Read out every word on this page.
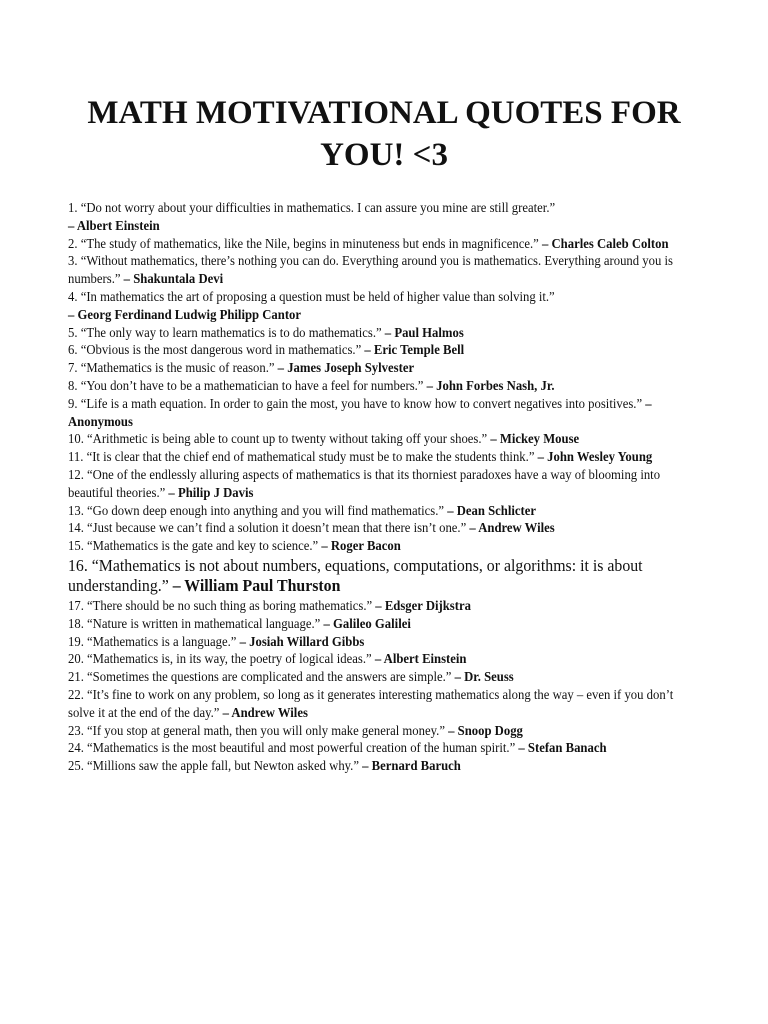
MATH MOTIVATIONAL QUOTES FOR YOU! <3
1. “Do not worry about your difficulties in mathematics. I can assure you mine are still greater.”
– Albert Einstein
2. “The study of mathematics, like the Nile, begins in minuteness but ends in magnificence.” – Charles Caleb Colton
3. “Without mathematics, there’s nothing you can do. Everything around you is mathematics. Everything around you is numbers.” – Shakuntala Devi
4. “In mathematics the art of proposing a question must be held of higher value than solving it.”
– Georg Ferdinand Ludwig Philipp Cantor
5. “The only way to learn mathematics is to do mathematics.” – Paul Halmos
6. “Obvious is the most dangerous word in mathematics.” – Eric Temple Bell
7. “Mathematics is the music of reason.” – James Joseph Sylvester
8. “You don’t have to be a mathematician to have a feel for numbers.” – John Forbes Nash, Jr.
9. “Life is a math equation. In order to gain the most, you have to know how to convert negatives into positives.” – Anonymous
10. “Arithmetic is being able to count up to twenty without taking off your shoes.” – Mickey Mouse
11. “It is clear that the chief end of mathematical study must be to make the students think.” – John Wesley Young
12. “One of the endlessly alluring aspects of mathematics is that its thorniest paradoxes have a way of blooming into beautiful theories.” – Philip J Davis
13. “Go down deep enough into anything and you will find mathematics.” – Dean Schlicter
14. “Just because we can’t find a solution it doesn’t mean that there isn’t one.” – Andrew Wiles
15. “Mathematics is the gate and key to science.” – Roger Bacon
16. “Mathematics is not about numbers, equations, computations, or algorithms: it is about understanding.” – William Paul Thurston
17. “There should be no such thing as boring mathematics.” – Edsger Dijkstra
18. “Nature is written in mathematical language.” – Galileo Galilei
19. “Mathematics is a language.” – Josiah Willard Gibbs
20. “Mathematics is, in its way, the poetry of logical ideas.” – Albert Einstein
21. “Sometimes the questions are complicated and the answers are simple.” – Dr. Seuss
22. “It’s fine to work on any problem, so long as it generates interesting mathematics along the way – even if you don’t solve it at the end of the day.” – Andrew Wiles
23. “If you stop at general math, then you will only make general money.” – Snoop Dogg
24. “Mathematics is the most beautiful and most powerful creation of the human spirit.” – Stefan Banach
25. “Millions saw the apple fall, but Newton asked why.” – Bernard Baruch
